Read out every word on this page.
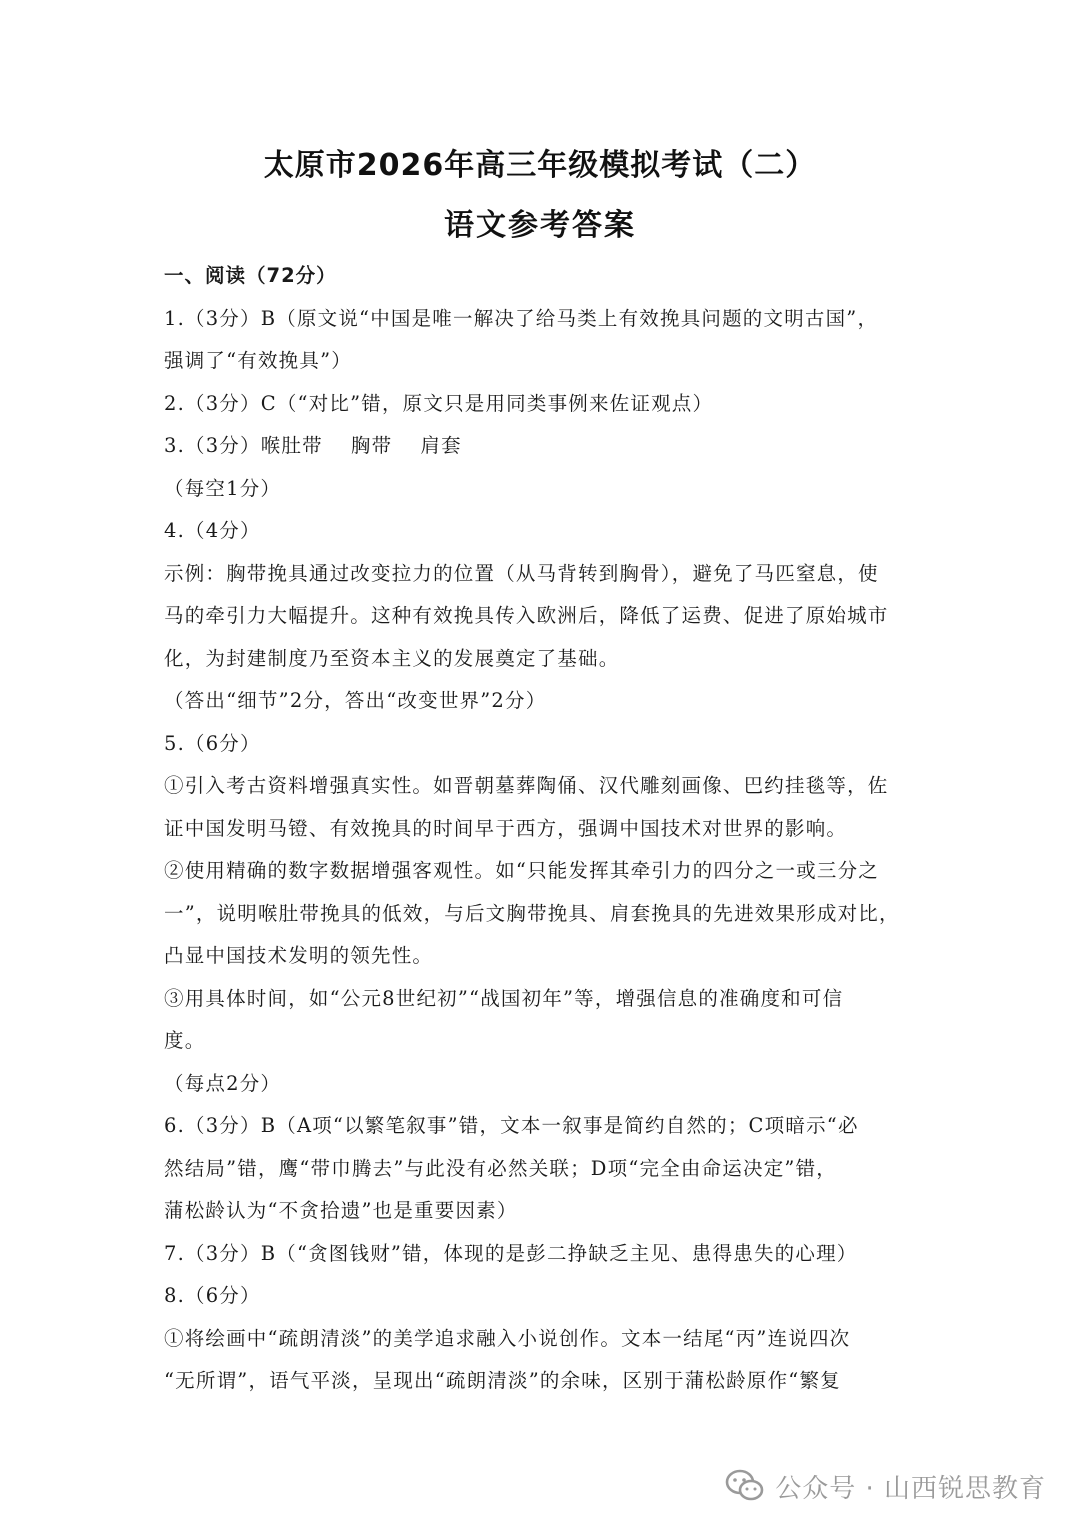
太原市2026年高三年级模拟考试（二）
语文参考答案
一、阅读（72分）
1.（3分）B（原文说“中国是唯一解决了给马类上有效挽具问题的文明古国”，
强调了“有效挽具”）
2.（3分）C（“对比”错，原文只是用同类事例来佐证观点）
3.（3分）喉肚带　 胸带　 肩套
（每空1分）
4.（4分）
示例：胸带挽具通过改变拉力的位置（从马背转到胸骨），避免了马匹窒息，使
马的牵引力大幅提升。这种有效挽具传入欧洲后，降低了运费、促进了原始城市
化，为封建制度乃至资本主义的发展奠定了基础。
（答出“细节”2分，答出“改变世界”2分）
5.（6分）
①引入考古资料增强真实性。如晋朝墓葬陶俑、汉代雕刻画像、巴约挂毯等，佐
证中国发明马镫、有效挽具的时间早于西方，强调中国技术对世界的影响。
②使用精确的数字数据增强客观性。如“只能发挥其牵引力的四分之一或三分之
一”，说明喉肚带挽具的低效，与后文胸带挽具、肩套挽具的先进效果形成对比，
凸显中国技术发明的领先性。
③用具体时间，如“公元8世纪初”“战国初年”等，增强信息的准确度和可信
度。
（每点2分）
6.（3分）B（A项“以繁笔叙事”错，文本一叙事是简约自然的；C项暗示“必
然结局”错，鹰“带巾腾去”与此没有必然关联；D项“完全由命运决定”错，
蒲松龄认为“不贪拾遗”也是重要因素）
7.（3分）B（“贪图钱财”错，体现的是彭二挣缺乏主见、患得患失的心理）
8.（6分）
①将绘画中“疏朗清淡”的美学追求融入小说创作。文本一结尾“丙”连说四次
“无所谓”，语气平淡，呈现出“疏朗清淡”的余味，区别于蒲松龄原作“繁复
公众号 · 山西锐思教育
